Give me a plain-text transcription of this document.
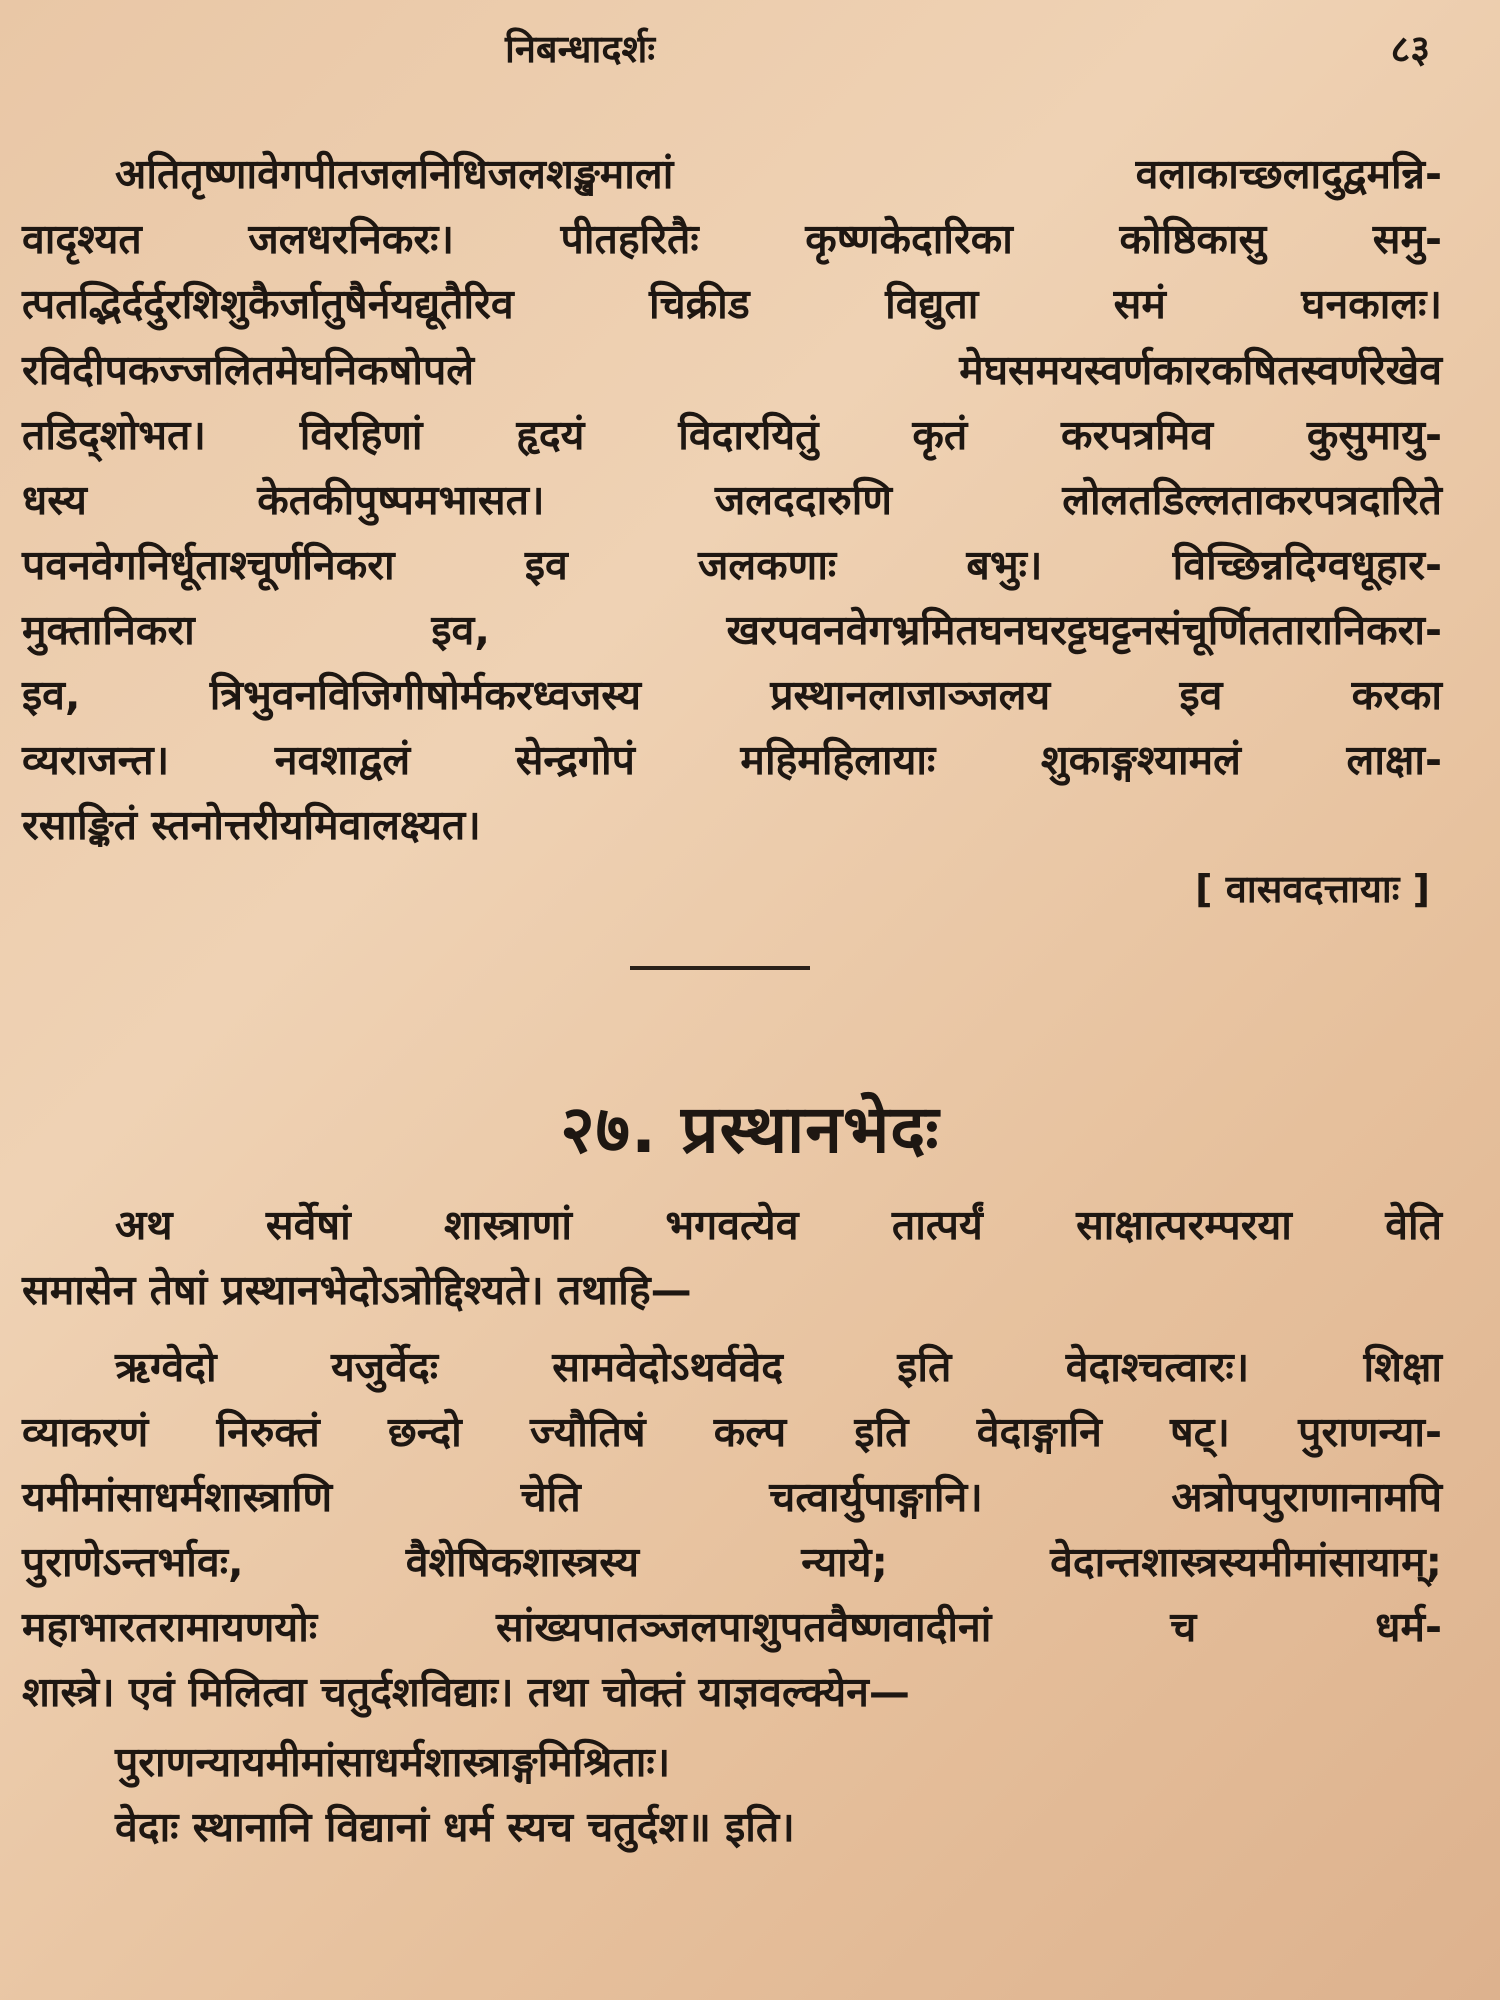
निबन्धादर्शः	८३
अतितृष्णावेगपीतजलनिधिजलशङ्खमालां वलाकाच्छलादुद्वमन्नि-
वादृश्यत जलधरनिकरः। पीतहरितैः कृष्णकेदारिका कोष्ठिकासु समु-
त्पतद्भिर्दर्दुरशिशुकैर्जातुषैर्नयद्यूतैरिव चिक्रीड विद्युता समं घनकालः।
रविदीपकज्जलितमेघनिकषोपले मेघसमयस्वर्णकारकषितस्वर्णरेखेव
तडिद्शोभत। विरहिणां हृदयं विदारयितुं कृतं करपत्रमिव कुसुमायु-
धस्य केतकीपुष्पमभासत। जलददारुणि लोलतडिल्लताकरपत्रदारिते
पवनवेगनिर्धूताश्चूर्णनिकरा इव जलकणाः बभुः। विच्छिन्नदिग्वधूहार-
मुक्तानिकरा इव, खरपवनवेगभ्रमितघनघरट्टघट्टनसंचूर्णिततारानिकरा-
इव, त्रिभुवनविजिगीषोर्मकरध्वजस्य प्रस्थानलाजाञ्जलय इव करका
व्यराजन्त। नवशाद्वलं सेन्द्रगोपं महिमहिलायाः शुकाङ्गश्यामलं लाक्षा-
रसाङ्कितं स्तनोत्तरीयमिवालक्ष्यत।
[ वासवदत्तायाः ]
२७. प्रस्थानभेदः
अथ सर्वेषां शास्त्राणां भगवत्येव तात्पर्यं साक्षात्परम्परया वेति
समासेन तेषां प्रस्थानभेदोऽत्रोद्दिश्यते। तथाहि—
ऋग्वेदो यजुर्वेदः सामवेदोऽथर्ववेद इति वेदाश्चत्वारः। शिक्षा
व्याकरणं निरुक्तं छन्दो ज्यौतिषं कल्प इति वेदाङ्गानि षट्। पुराणन्या-
यमीमांसाधर्मशास्त्राणि चेति चत्वार्युपाङ्गानि। अत्रोपपुराणानामपि
पुराणेऽन्तर्भावः, वैशेषिकशास्त्रस्य न्याये; वेदान्तशास्त्रस्यमीमांसायाम्;
महाभारतरामायणयोः सांख्यपातञ्जलपाशुपतवैष्णवादीनां च धर्म-
शास्त्रे। एवं मिलित्वा चतुर्दशविद्याः। तथा चोक्तं याज्ञवल्क्येन—
पुराणन्यायमीमांसाधर्मशास्त्राङ्गमिश्रिताः।
वेदाः स्थानानि विद्यानां धर्म स्यच चतुर्दश॥ इति।
